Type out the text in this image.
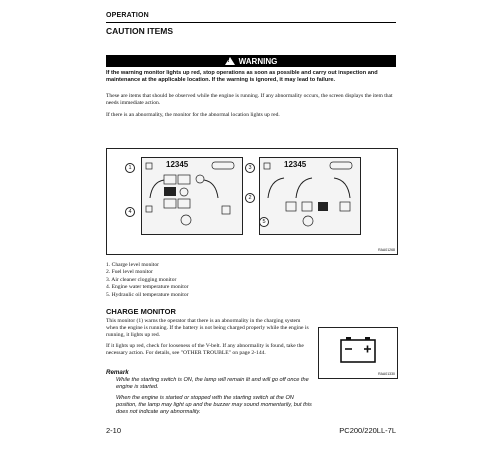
OPERATION
CAUTION ITEMS
! WARNING
If the warning monitor lights up red, stop operations as soon as possible and carry out inspection and maintenance at the applicable location. If the warning is ignored, it may lead to failure.
These are items that should be observed while the engine is running. If any abnormality occurs, the screen displays the item that needs immediate action.
If there is an abnormality, the monitor for the abnormal location lights up red.
12345	12345
1
2
3
4
5
RAA01268
1. Charge level monitor
2. Fuel level monitor
3. Air cleaner clogging monitor
4. Engine water temperature monitor
5. Hydraulic oil temperature monitor
CHARGE MONITOR
This monitor (1) warns the operator that there is an abnormality in the charging system when the engine is running. If the battery is not being charged properly while the engine is running, it lights up red.
If it lights up red, check for looseness of the V-belt. If any abnormality is found, take the necessary action. For details, see "OTHER TROUBLE" on page 2-144.
RAA01330
Remark
While the starting switch is ON, the lamp will remain lit and will go off once the engine is started.
When the engine is started or stopped with the starting switch at the ON position, the lamp may light up and the buzzer may sound momentarily, but this does not indicate any abnormality.
2-10	PC200/220LL-7L
